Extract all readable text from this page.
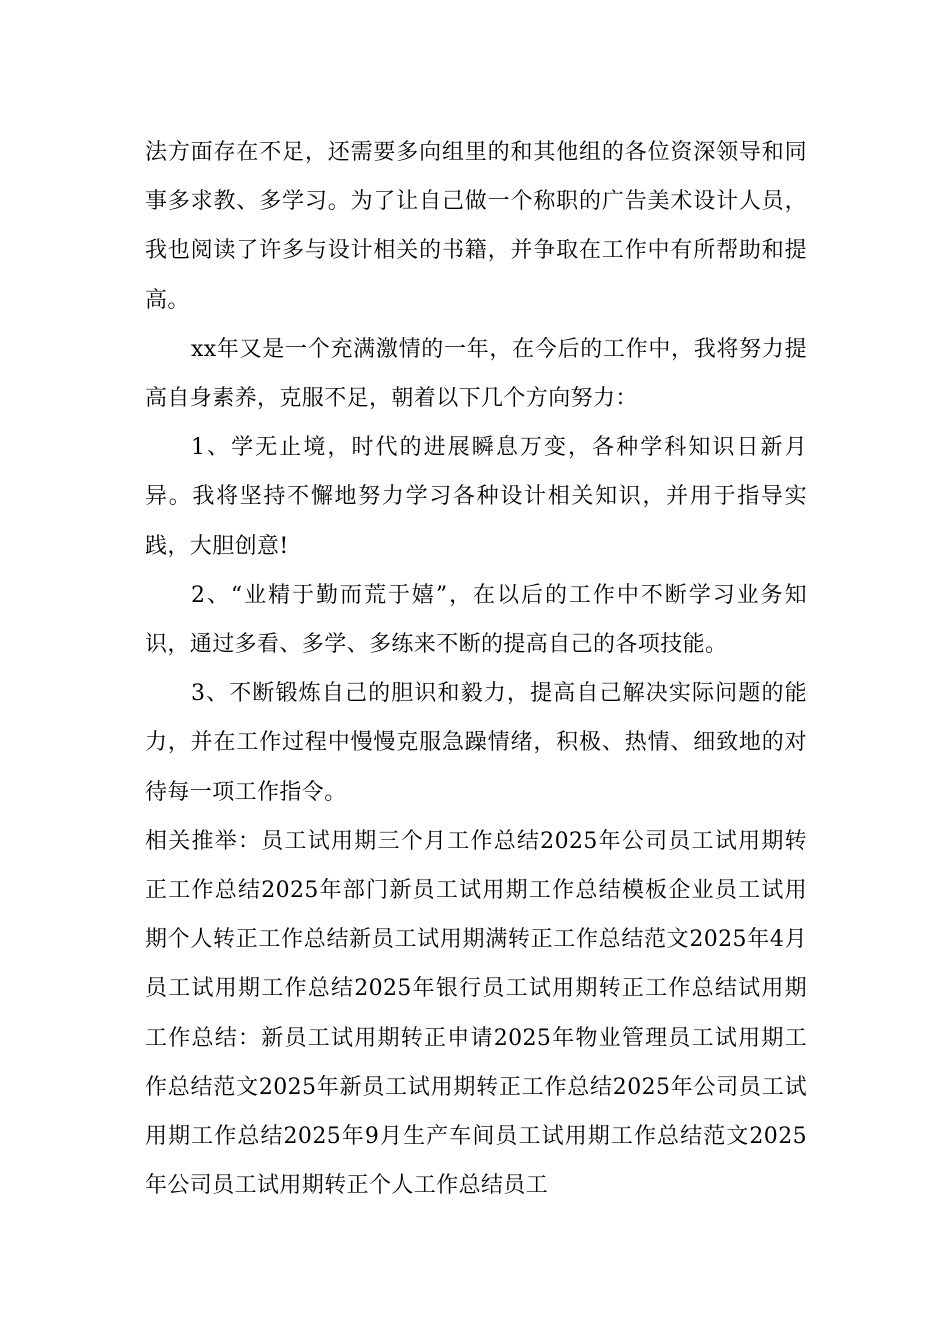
法方面存在不足，还需要多向组里的和其他组的各位资深领导和同事多求教、多学习。为了让自己做一个称职的广告美术设计人员，我也阅读了许多与设计相关的书籍，并争取在工作中有所帮助和提高。

xx年又是一个充满激情的一年，在今后的工作中，我将努力提高自身素养，克服不足，朝着以下几个方向努力：

1、学无止境，时代的进展瞬息万变，各种学科知识日新月异。我将坚持不懈地努力学习各种设计相关知识，并用于指导实践，大胆创意!

2、“业精于勤而荒于嬉”，在以后的工作中不断学习业务知识，通过多看、多学、多练来不断的提高自己的各项技能。

3、不断锻炼自己的胆识和毅力，提高自己解决实际问题的能力，并在工作过程中慢慢克服急躁情绪，积极、热情、细致地的对待每一项工作指令。

相关推举：员工试用期三个月工作总结2025年公司员工试用期转正工作总结2025年部门新员工试用期工作总结模板企业员工试用期个人转正工作总结新员工试用期满转正工作总结范文2025年4月员工试用期工作总结2025年银行员工试用期转正工作总结试用期工作总结：新员工试用期转正申请2025年物业管理员工试用期工作总结范文2025年新员工试用期转正工作总结2025年公司员工试用期工作总结2025年9月生产车间员工试用期工作总结范文2025年公司员工试用期转正个人工作总结员工
